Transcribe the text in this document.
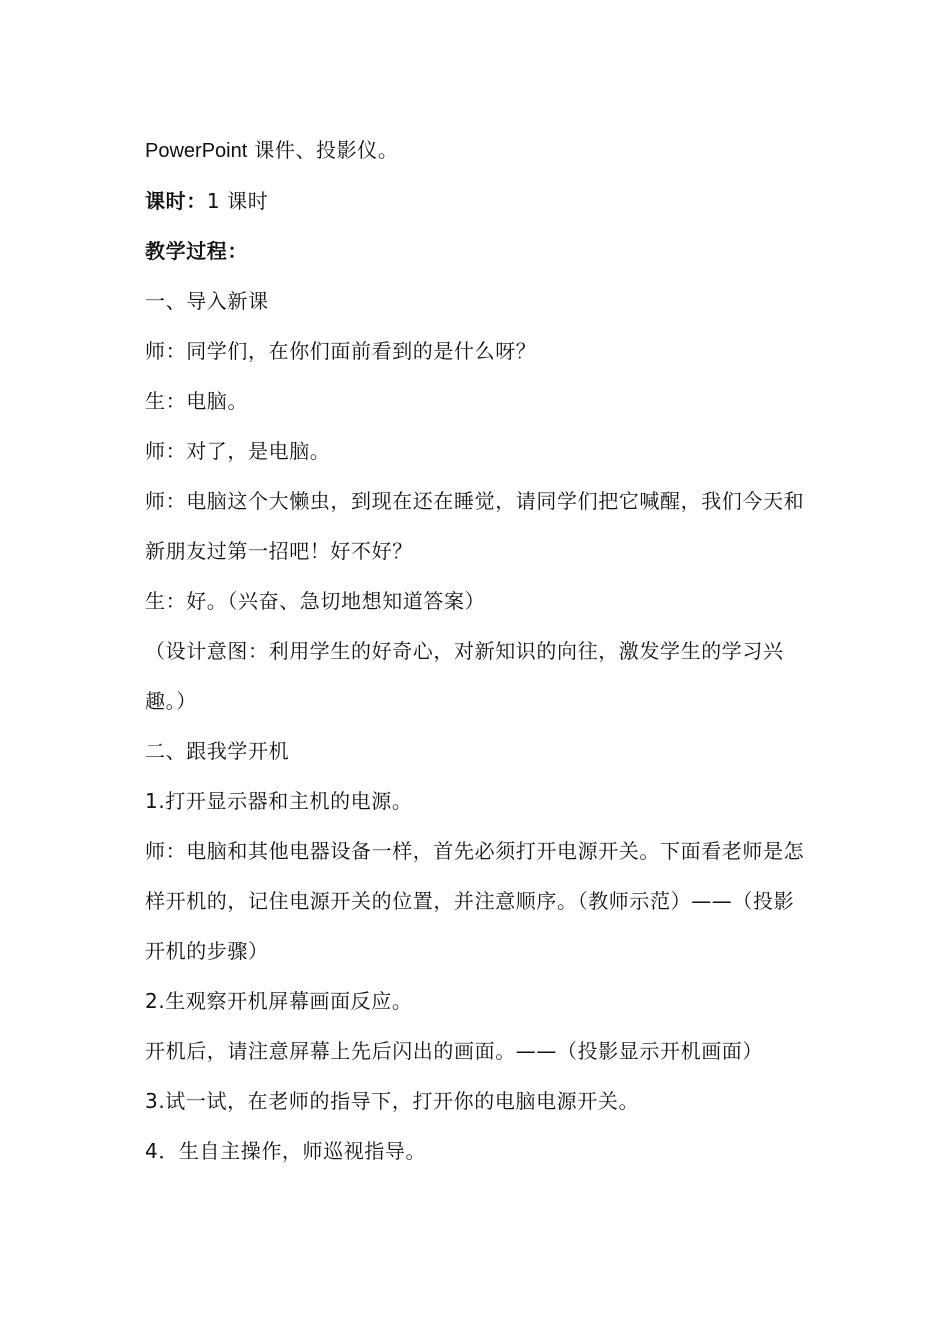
PowerPoint 课件、投影仪。

课时：1 课时

教学过程：

一、导入新课

师：同学们，在你们面前看到的是什么呀？

生：电脑。

师：对了，是电脑。

师：电脑这个大懒虫，到现在还在睡觉，请同学们把它喊醒，我们今天和新朋友过第一招吧！好不好？

生：好。（兴奋、急切地想知道答案）

（设计意图：利用学生的好奇心，对新知识的向往，激发学生的学习兴趣。）

二、跟我学开机

1.打开显示器和主机的电源。

师：电脑和其他电器设备一样，首先必须打开电源开关。下面看老师是怎样开机的，记住电源开关的位置，并注意顺序。（教师示范）——（投影开机的步骤）

2.生观察开机屏幕画面反应。

开机后，请注意屏幕上先后闪出的画面。——（投影显示开机画面）

3.试一试，在老师的指导下，打开你的电脑电源开关。

4．生自主操作，师巡视指导。
